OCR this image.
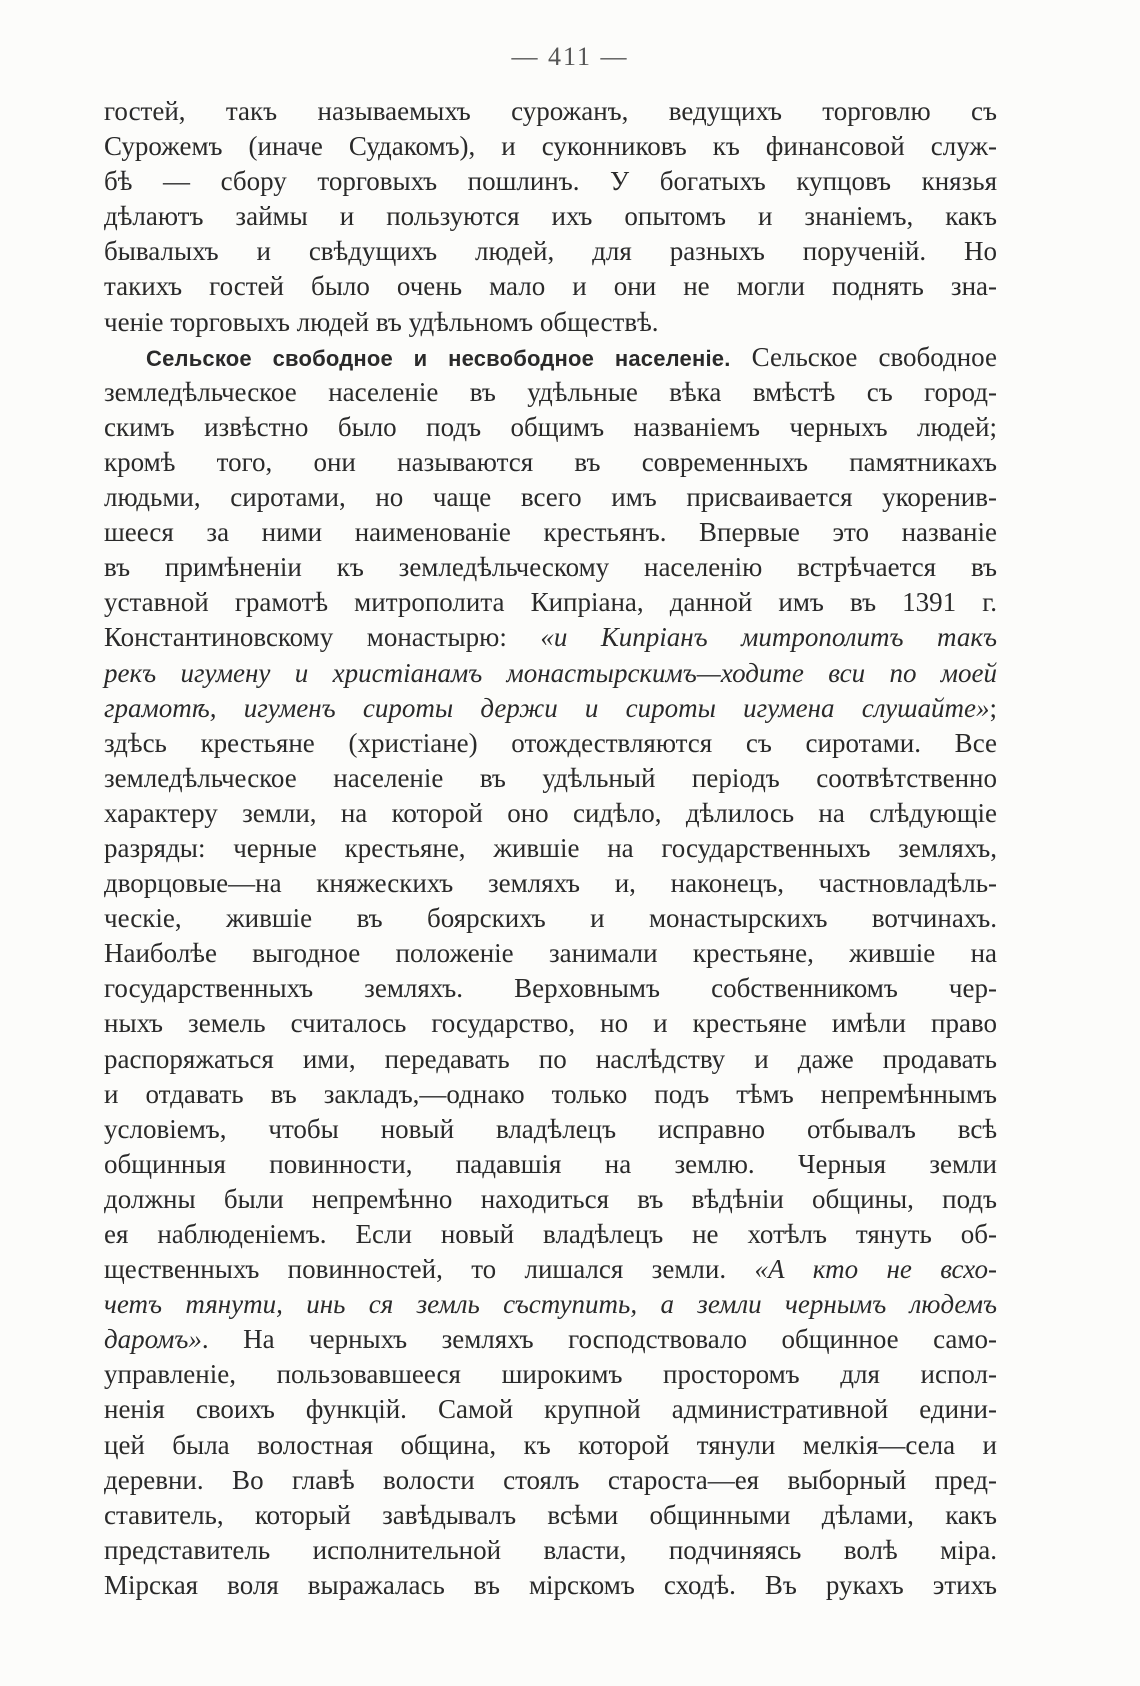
— 411 —
гостей, такъ называемыхъ сурожанъ, ведущихъ торговлю съ
Сурожемъ (иначе Судакомъ), и суконниковъ къ финансовой служ-
бѣ — сбору торговыхъ пошлинъ. У богатыхъ купцовъ князья
дѣлаютъ займы и пользуются ихъ опытомъ и знаніемъ, какъ
бывалыхъ и свѣдущихъ людей, для разныхъ порученій. Но
такихъ гостей было очень мало и они не могли поднять зна-
ченіе торговыхъ людей въ удѣльномъ обществѣ.
Сельское свободное и несвободное населеніе. Сельское свободное
земледѣльческое населеніе въ удѣльные вѣка вмѣстѣ съ город-
скимъ извѣстно было подъ общимъ названіемъ черныхъ людей;
кромѣ того, они называются въ современныхъ памятникахъ
людьми, сиротами, но чаще всего имъ присваивается укоренив-
шееся за ними наименованіе крестьянъ. Впервые это названіе
въ примѣненіи къ земледѣльческому населенію встрѣчается въ
уставной грамотѣ митрополита Кипріана, данной имъ въ 1391 г.
Константиновскому монастырю: «и Кипріанъ митрополитъ такъ
рекъ игумену и христіанамъ монастырскимъ—ходите вси по моей
грамотѣ, игуменъ сироты держи и сироты игумена слушайте»;
здѣсь крестьяне (христіане) отождествляются съ сиротами. Все
земледѣльческое населеніе въ удѣльный періодъ соотвѣтственно
характеру земли, на которой оно сидѣло, дѣлилось на слѣдующіе
разряды: черные крестьяне, жившіе на государственныхъ земляхъ,
дворцовые—на княжескихъ земляхъ и, наконецъ, частновладѣль-
ческіе, жившіе въ боярскихъ и монастырскихъ вотчинахъ.
Наиболѣе выгодное положеніе занимали крестьяне, жившіе на
государственныхъ земляхъ. Верховнымъ собственникомъ чер-
ныхъ земель считалось государство, но и крестьяне имѣли право
распоряжаться ими, передавать по наслѣдству и даже продавать
и отдавать въ закладъ,—однако только подъ тѣмъ непремѣннымъ
условіемъ, чтобы новый владѣлецъ исправно отбывалъ всѣ
общинныя повинности, падавшія на землю. Черныя земли
должны были непремѣнно находиться въ вѣдѣніи общины, подъ
ея наблюденіемъ. Если новый владѣлецъ не хотѣлъ тянуть об-
щественныхъ повинностей, то лишался земли. «А кто не всхо-
четъ тянути, инь ся земль съступить, а земли чернымъ людемъ
даромъ». На черныхъ земляхъ господствовало общинное само-
управленіе, пользовавшееся широкимъ просторомъ для испол-
ненія своихъ функцій. Самой крупной административной едини-
цей была волостная община, къ которой тянули мелкія—села и
деревни. Во главѣ волости стоялъ староста—ея выборный пред-
ставитель, который завѣдывалъ всѣми общинными дѣлами, какъ
представитель исполнительной власти, подчиняясь волѣ міра.
Мірская воля выражалась въ мірскомъ сходѣ. Въ рукахъ этихъ
